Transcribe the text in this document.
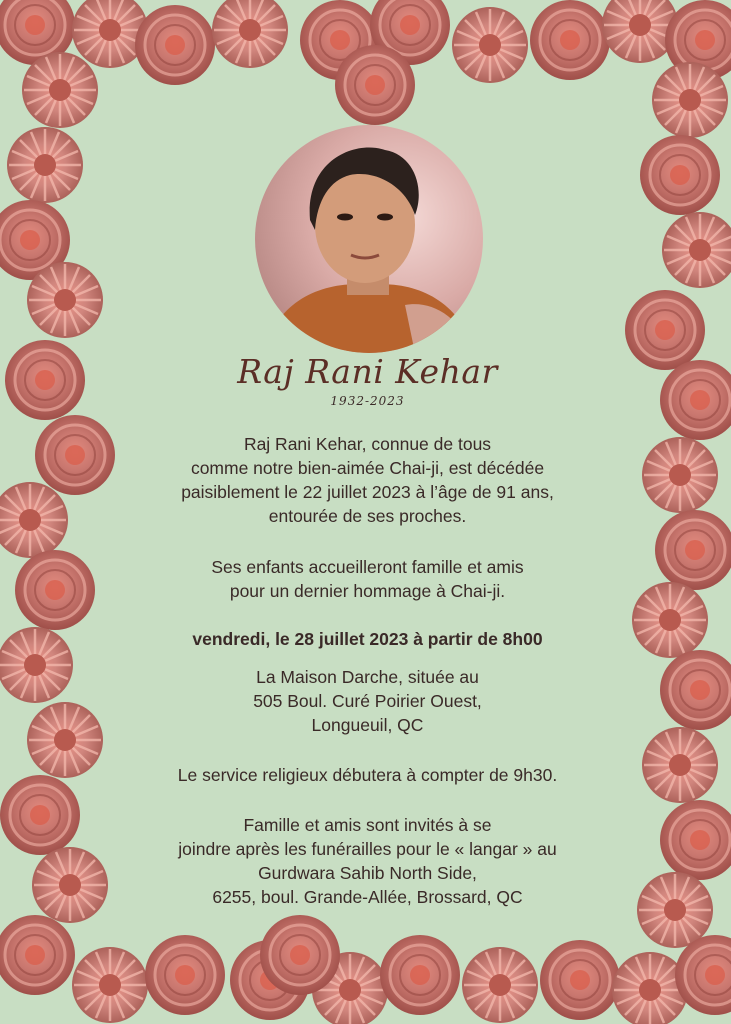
Raj Rani Kehar
1932-2023
Raj Rani Kehar, connue de tous
comme notre bien-aimée Chai-ji, est décédée
paisiblement le 22 juillet 2023 à l’âge de 91 ans,
entourée de ses proches.
Ses enfants accueilleront famille et amis
pour un dernier hommage à Chai-ji.
vendredi, le 28 juillet 2023 à partir de 8h00
La Maison Darche, située au
505 Boul. Curé Poirier Ouest,
Longueuil, QC
Le service religieux débutera à compter de 9h30.
Famille et amis sont invités à se
joindre après les funérailles pour le « langar » au
Gurdwara Sahib North Side,
6255, boul. Grande-Allée, Brossard, QC
